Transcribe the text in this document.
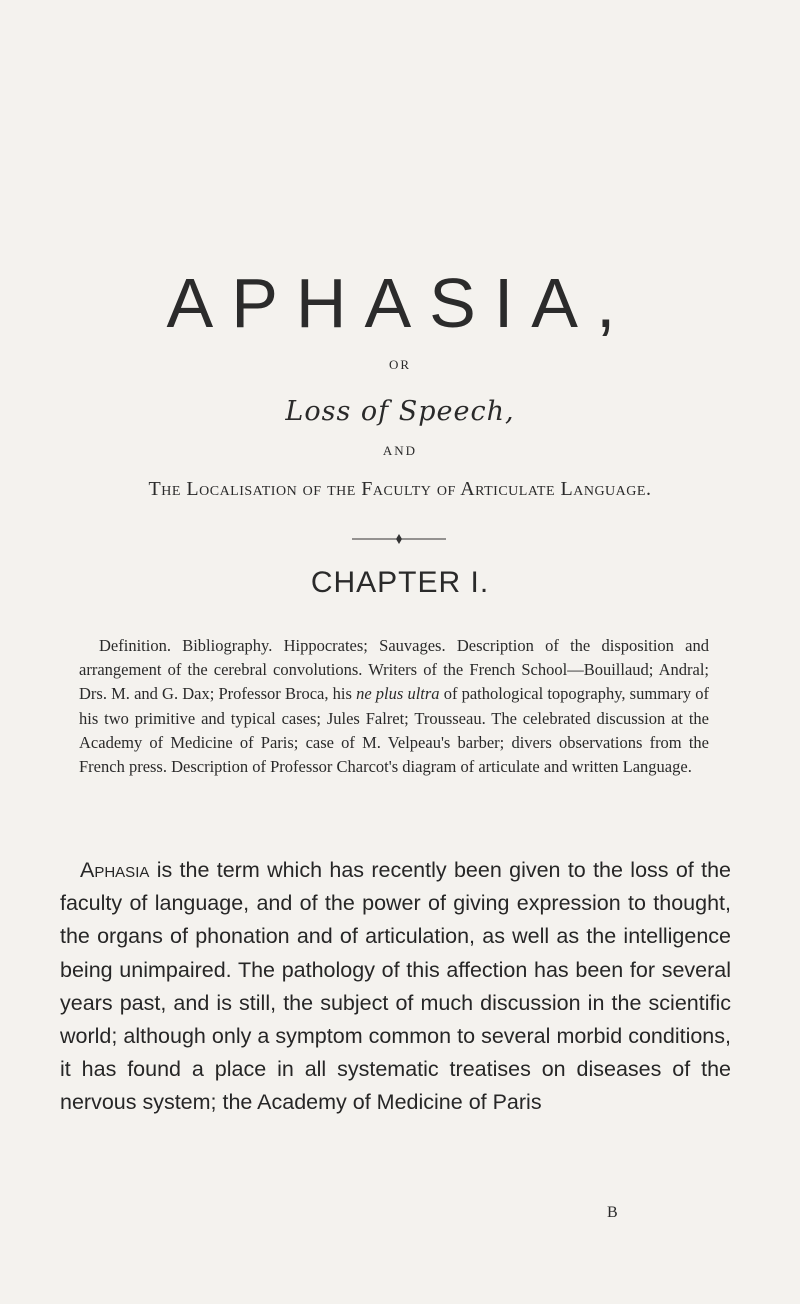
APHASIA,
OR
Loss of Speech,
AND
The Localisation of the Faculty of Articulate Language.
CHAPTER I.

Definition. Bibliography. Hippocrates; Sauvages. Description of the disposition and arrangement of the cerebral convolutions. Writers of the French School—Bouillaud; Andral; Drs. M. and G. Dax; Professor Broca, his ne plus ultra of pathological topography, summary of his two primitive and typical cases; Jules Falret; Trousseau. The celebrated discussion at the Academy of Medicine of Paris; case of M. Velpeau's barber; divers observations from the French press. Description of Professor Charcot's diagram of articulate and written Language.

Aphasia is the term which has recently been given to the loss of the faculty of language, and of the power of giving expression to thought, the organs of phonation and of articulation, as well as the intelligence being unimpaired. The pathology of this affection has been for several years past, and is still, the subject of much discussion in the scientific world; although only a symptom common to several morbid conditions, it has found a place in all systematic treatises on diseases of the nervous system; the Academy of Medicine of Paris

B
